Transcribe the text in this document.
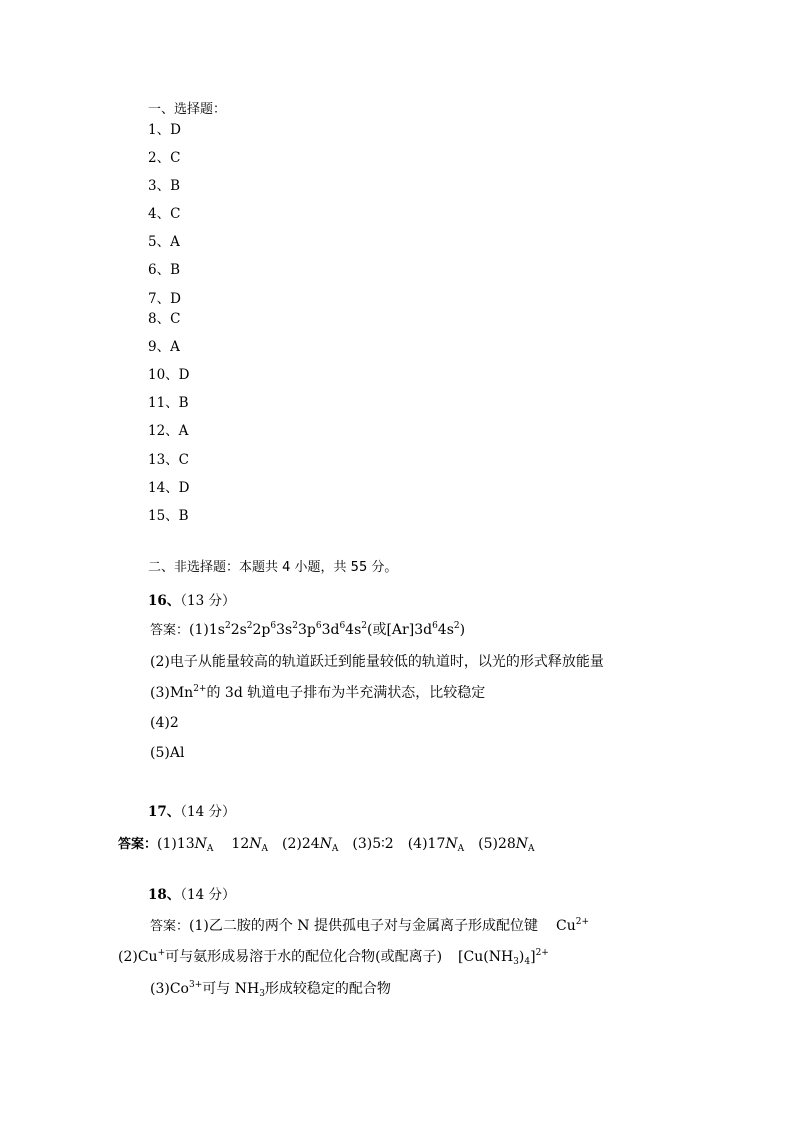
一、选择题：
1、D
2、C
3、B
4、C
5、A
6、B
7、D
8、C
9、A
10、D
11、B
12、A
13、C
14、D
15、B
二、非选择题：本题共 4 小题，共 55 分。
16、（13 分）
答案：$(1)1s^22s^22p^63s^23p^63d^64s^2$(或$[Ar]3d^64s^2$)
(2)电子从能量较高的轨道跃迁到能量较低的轨道时，以光的形式释放能量
$(3)Mn^{2+}$的 3d 轨道电子排布为半充满状态，比较稳定
(4)2
(5)Al
17、（14 分）
答案：$(1)13N_A$ $12N_A$ $(2)24N_A$ (3)5∶2 $(4)17N_A$ $(5)28N_A$
18、（14 分）
答案：(1)乙二胺的两个 N 提供孤电子对与金属离子形成配位键 $Cu^{2+}$
(2)Cu+可与氨形成易溶于水的配位化合物(或配离子) $[Cu(NH_3)_4]^{2+}$
$(3)Co^{3+}$可与 $NH_3$形成较稳定的配合物
